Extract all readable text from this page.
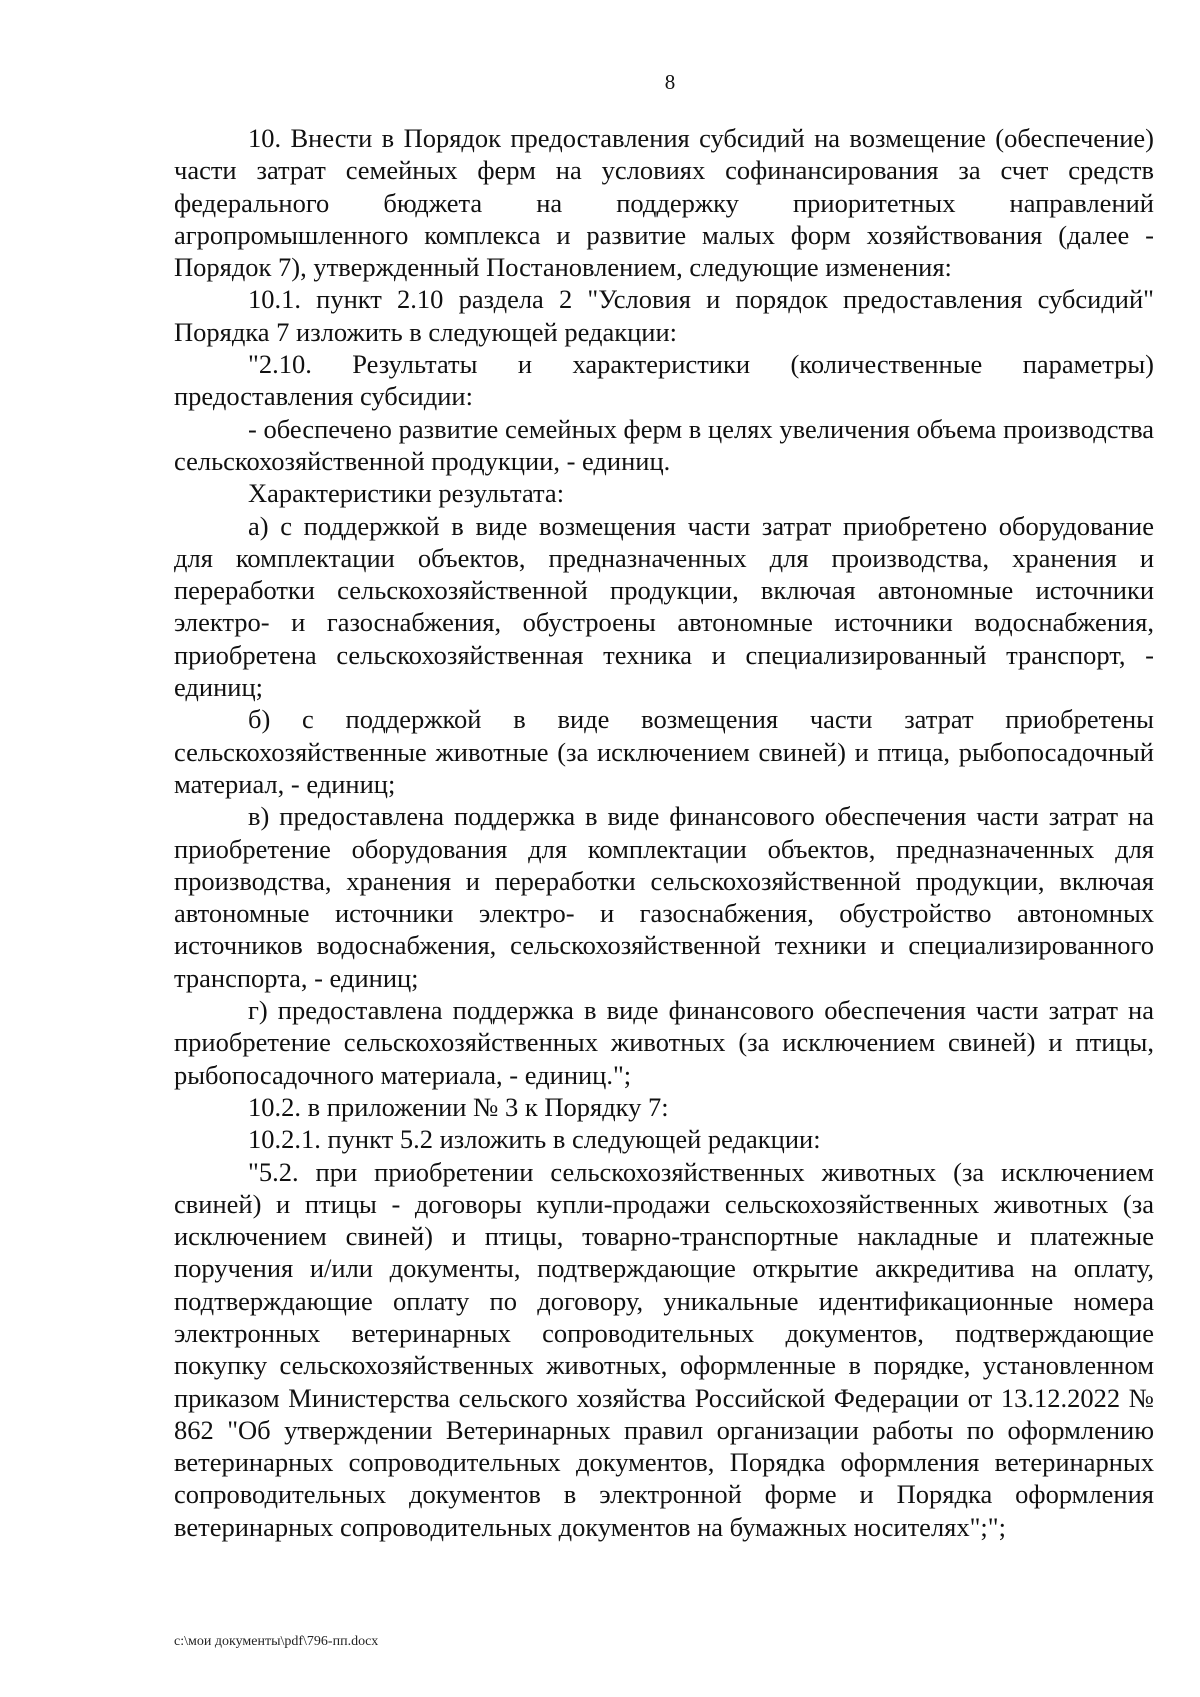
8

10. Внести в Порядок предоставления субсидий на возмещение (обеспечение) части затрат семейных ферм на условиях софинансирования за счет средств федерального бюджета на поддержку приоритетных направлений агропромышленного комплекса и развитие малых форм хозяйствования (далее - Порядок 7), утвержденный Постановлением, следующие изменения:

10.1. пункт 2.10 раздела 2 "Условия и порядок предоставления субсидий" Порядка 7 изложить в следующей редакции:

"2.10. Результаты и характеристики (количественные параметры) предоставления субсидии:

- обеспечено развитие семейных ферм в целях увеличения объема производства сельскохозяйственной продукции, - единиц.

Характеристики результата:

а) с поддержкой в виде возмещения части затрат приобретено оборудование для комплектации объектов, предназначенных для производства, хранения и переработки сельскохозяйственной продукции, включая автономные источники электро- и газоснабжения, обустроены автономные источники водоснабжения, приобретена сельскохозяйственная техника и специализированный транспорт, - единиц;

б) с поддержкой в виде возмещения части затрат приобретены сельскохозяйственные животные (за исключением свиней) и птица, рыбопосадочный материал, - единиц;

в) предоставлена поддержка в виде финансового обеспечения части затрат на приобретение оборудования для комплектации объектов, предназначенных для производства, хранения и переработки сельскохозяйственной продукции, включая автономные источники электро- и газоснабжения, обустройство автономных источников водоснабжения, сельскохозяйственной техники и специализированного транспорта, - единиц;

г) предоставлена поддержка в виде финансового обеспечения части затрат на приобретение сельскохозяйственных животных (за исключением свиней) и птицы, рыбопосадочного материала, - единиц.";

10.2. в приложении № 3 к Порядку 7:

10.2.1. пункт 5.2 изложить в следующей редакции:

"5.2. при приобретении сельскохозяйственных животных (за исключением свиней) и птицы - договоры купли-продажи сельскохозяйственных животных (за исключением свиней) и птицы, товарно-транспортные накладные и платежные поручения и/или документы, подтверждающие открытие аккредитива на оплату, подтверждающие оплату по договору, уникальные идентификационные номера электронных ветеринарных сопроводительных документов, подтверждающие покупку сельскохозяйственных животных, оформленные в порядке, установленном приказом Министерства сельского хозяйства Российской Федерации от 13.12.2022 № 862 "Об утверждении Ветеринарных правил организации работы по оформлению ветеринарных сопроводительных документов, Порядка оформления ветеринарных сопроводительных документов в электронной форме и Порядка оформления ветеринарных сопроводительных документов на бумажных носителях";";

c:\мои документы\pdf\796-пп.docx
